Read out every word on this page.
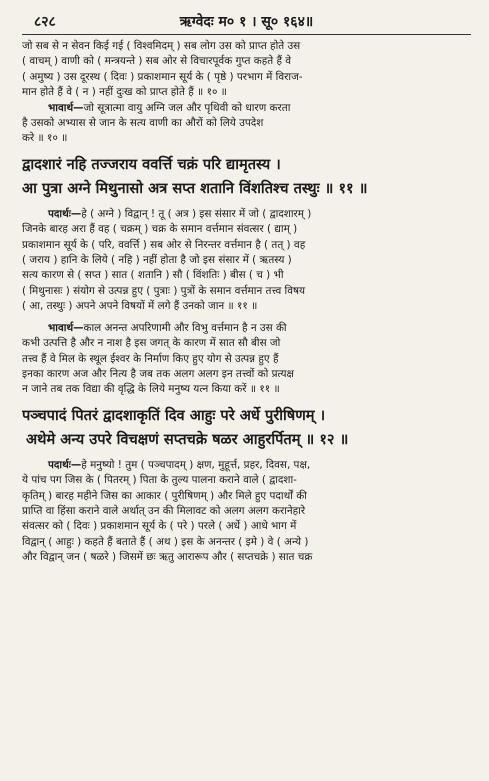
८२८	ऋग्वेदः म० १ । सू० १६४॥
जो सब से न सेवन किई गई ( विश्वमिदम् ) सब लोग उस को प्राप्त होते उस
( वाचम् ) वाणी को ( मन्त्रयन्ते ) सब ओर से विचारपूर्वक गुप्त कहते हैं वे
( अमुष्य ) उस दूरस्थ ( दिवः ) प्रकाशमान सूर्य के ( पृष्ठे ) परभाग में विराज-
मान होते हैं वे ( न ) नहीं दुःख को प्राप्त होते हैं ॥ १० ॥
भावार्थ—जो सूत्रात्मा वायु अग्नि जल और पृथिवी को धारण करता
है उसको अभ्यास से जान के सत्य वाणी का औरों को लिये उपदेश
करे ॥ १० ॥
द्वादशारं नहि तज्जराय ववर्त्ति चक्रं परि द्यामृतस्य ।
आ पुत्रा अग्ने मिथुनासो अत्र सप्त शतानि विंशतिश्च तस्थुः ॥ ११ ॥
पदार्थः—हे ( अग्ने ) विद्वान् ! तू ( अत्र ) इस संसार में जो ( द्वादशारम् )
जिनके बारह अरा हैं वह ( चक्रम् ) चक्र के समान वर्त्तमान संवत्सर ( द्याम् )
प्रकाशमान सूर्य के ( परि, ववर्त्ति ) सब ओर से निरन्तर वर्त्तमान है ( तत् ) वह
( जराय ) हानि के लिये ( नहि ) नहीं होता है जो इस संसार में ( ऋतस्य )
सत्य कारण से ( सप्त ) सात ( शतानि ) सौ ( विंशतिः ) बीस ( च ) भी
( मिथुनासः ) संयोग से उत्पन्न हुए ( पुत्राः ) पुत्रों के समान वर्त्तमान तत्त्व विषय
( आ, तस्थुः ) अपने अपने विषयों में लगे हैं उनको जान ॥ ११ ॥
भावार्थ—काल अनन्त अपरिणामी और विभु वर्त्तमान है न उस की
कभी उत्पत्ति है और न नाश है इस जगत् के कारण में सात सौ बीस जो
तत्त्व हैं वे मिल के स्थूल ईश्वर के निर्माण किए हुए योग से उत्पन्न हुए हैं
इनका कारण अज और नित्य है जब तक अलग अलग इन तत्त्वों को प्रत्यक्ष
न जाने तब तक विद्या की वृद्धि के लिये मनुष्य यत्न किया करें ॥ ११ ॥
पञ्चपादं पितरं द्वादशाकृतिं दिव आहुः परे अर्धे पुरीषिणम् ।
अथेमे अन्य उपरे विचक्षणं सप्तचक्रे षळर आहुरर्पितम् ॥ १२ ॥
पदार्थः—हे मनुष्यो ! तुम ( पञ्चपादम् ) क्षण, मुहूर्त्त, प्रहर, दिवस, पक्ष,
ये पांच पग जिस के ( पितरम् ) पिता के तुल्य पालना कराने वाले ( द्वादशा-
कृतिम् ) बारह महीने जिस का आकार ( पुरीषिणम् ) और मिले हुए पदार्थों की
प्राप्ति वा हिंसा कराने वाले अर्थात् उन की मिलावट को अलग अलग करानेहारे
संवत्सर को ( दिवः ) प्रकाशमान सूर्य के ( परे ) परले ( अर्धे ) आधे भाग में
विद्वान् ( आहुः ) कहते हैं बताते हैं ( अथ ) इस के अनन्तर ( इमे ) वे ( अन्ये )
और विद्वान् जन ( षळरे ) जिसमें छः ऋतु आरारूप और ( सप्तचक्रे ) सात चक्र
